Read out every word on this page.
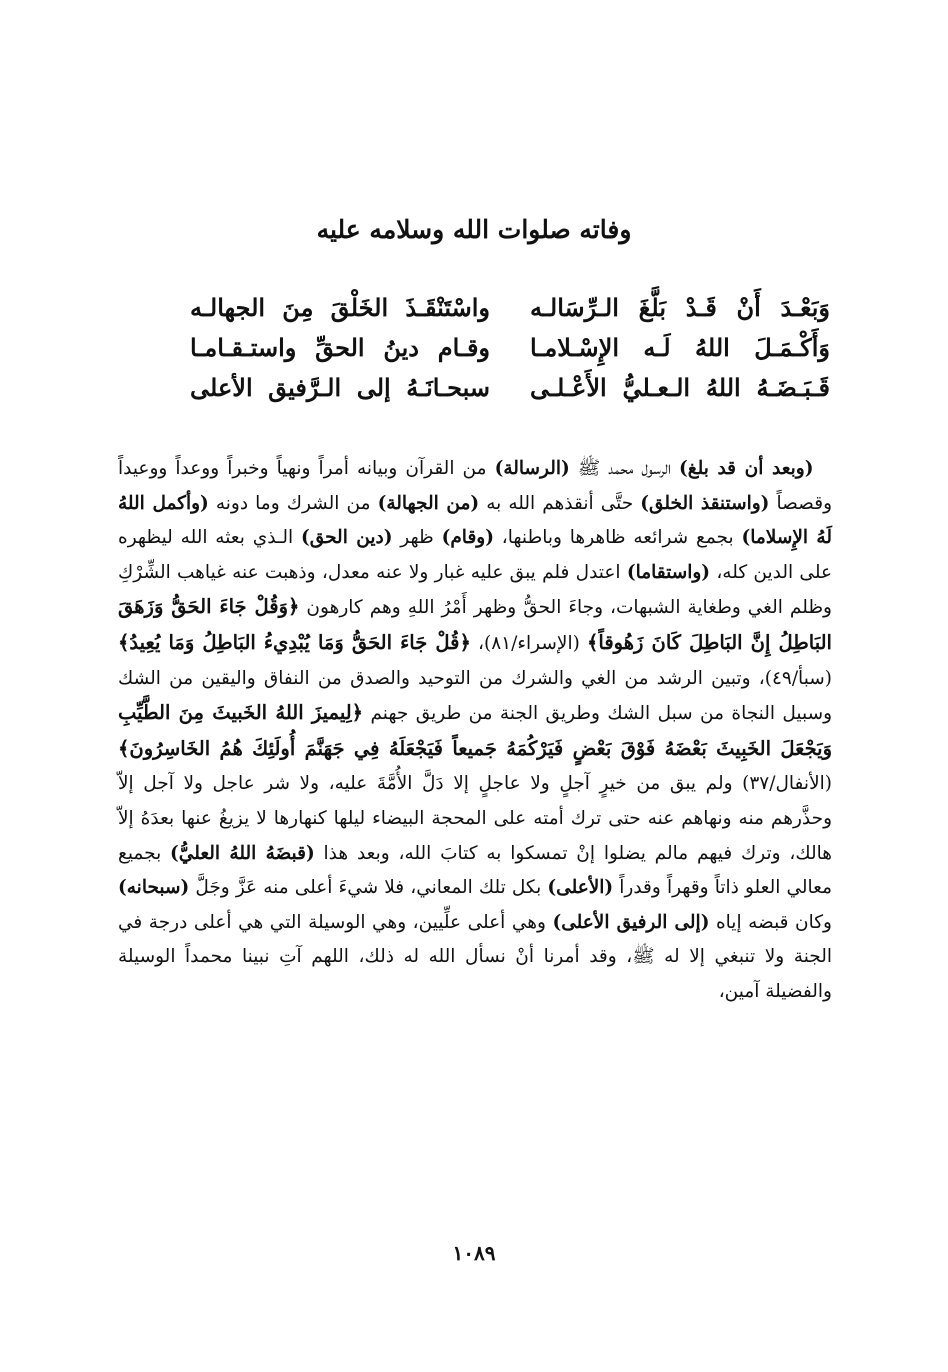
وفاته صلوات الله وسلامه عليه
وَبَعْـدَ أَنْ قَـدْ بَلَّغَ الـرِّسَالـه
واسْتَنْقَـذَ الخَلْقَ مِنَ الجهالـه
وَأَكْـمَـلَ اللهُ لَـه الإِسْـلامـا
وقـام دينُ الحقِّ واستـقـامـا
قَـبَـضَـهُ اللهُ الـعـليُّ الأَعْـلـى
سبحـانَـهُ إلى الـرَّفيق الأعلى

 (وبعد أن قد بلغ) الرسول محمد ﷺ (الرسالة) من القرآن وبيانه أمراً ونهياً وخبراً ووعداً ووعيداً وقصصاً (واستنقذ الخلق) حتَّى أنقذهم الله به (من الجهالة) من الشرك وما دونه (وأكمل اللهُ لَهُ الإِسلاما) بجمع شرائعه ظاهرها وباطنها، (وقام) ظهر (دين الحق) الـذي بعثه الله ليظهره على الدين كله، (واستقاما) اعتدل فلم يبق عليه غبار ولا عنه معدل، وذهبت عنه غياهب الشِّرْكِ وظلم الغي وطغاية الشبهات، وجاءَ الحقُّ وظهر أَمْرُ اللهِ وهم كارهون ﴿وَقُلْ جَاءَ الحَقُّ وَزَهَقَ البَاطِلُ إِنَّ البَاطِلَ كَانَ زَهُوقاً﴾ (الإسراء/٨١)، ﴿قُلْ جَاءَ الحَقُّ وَمَا يُبْدِيءُ البَاطِلُ وَمَا يُعِيدُ﴾ (سبأ/٤٩)، وتبين الرشد من الغي والشرك من التوحيد والصدق من النفاق واليقين من الشك وسبيل النجاة من سبل الشك وطريق الجنة من طريق جهنم ﴿لِيميزَ اللهُ الخَبيثَ مِنَ الطَّيِّبِ وَيَجْعَلَ الخَبِيثَ بَعْضَهُ فَوْقَ بَعْضٍ فَيَرْكُمَهُ جَميعاً فَيَجْعَلَهُ فِي جَهَنَّمَ أُولَئِكَ هُمُ الخَاسِرُونَ﴾ (الأنفال/٣٧) ولم يبق من خيرٍ آجلٍ ولا عاجلٍ إلا دَلَّ الأُمَّةَ عليه، ولا شر عاجل ولا آجل إلاّ وحذَّرهم منه ونهاهم عنه حتى ترك أمته على المحجة البيضاء ليلها كنهارها لا يزيغُ عنها بعدَهُ إلاّ هالك، وترك فيهم مالم يضلوا إنْ تمسكوا به كتابَ الله، وبعد هذا (قبضَهُ اللهُ العليُّ) بجميع معالي العلو ذاتاً وقهراً وقدراً (الأعلى) بكل تلك المعاني، فلا شيءَ أعلى منه عَزَّ وجَلَّ (سبحانه) وكان قبضه إياه (إلى الرفيق الأعلى) وهي أعلى علِّيين، وهي الوسيلة التي هي أعلى درجة في الجنة ولا تنبغي إلا له ﷺ، وقد أمرنا أنْ نسأل الله له ذلك، اللهم آتِ نبينا محمداً الوسيلة والفضيلة آمين،

١٠٨٩
